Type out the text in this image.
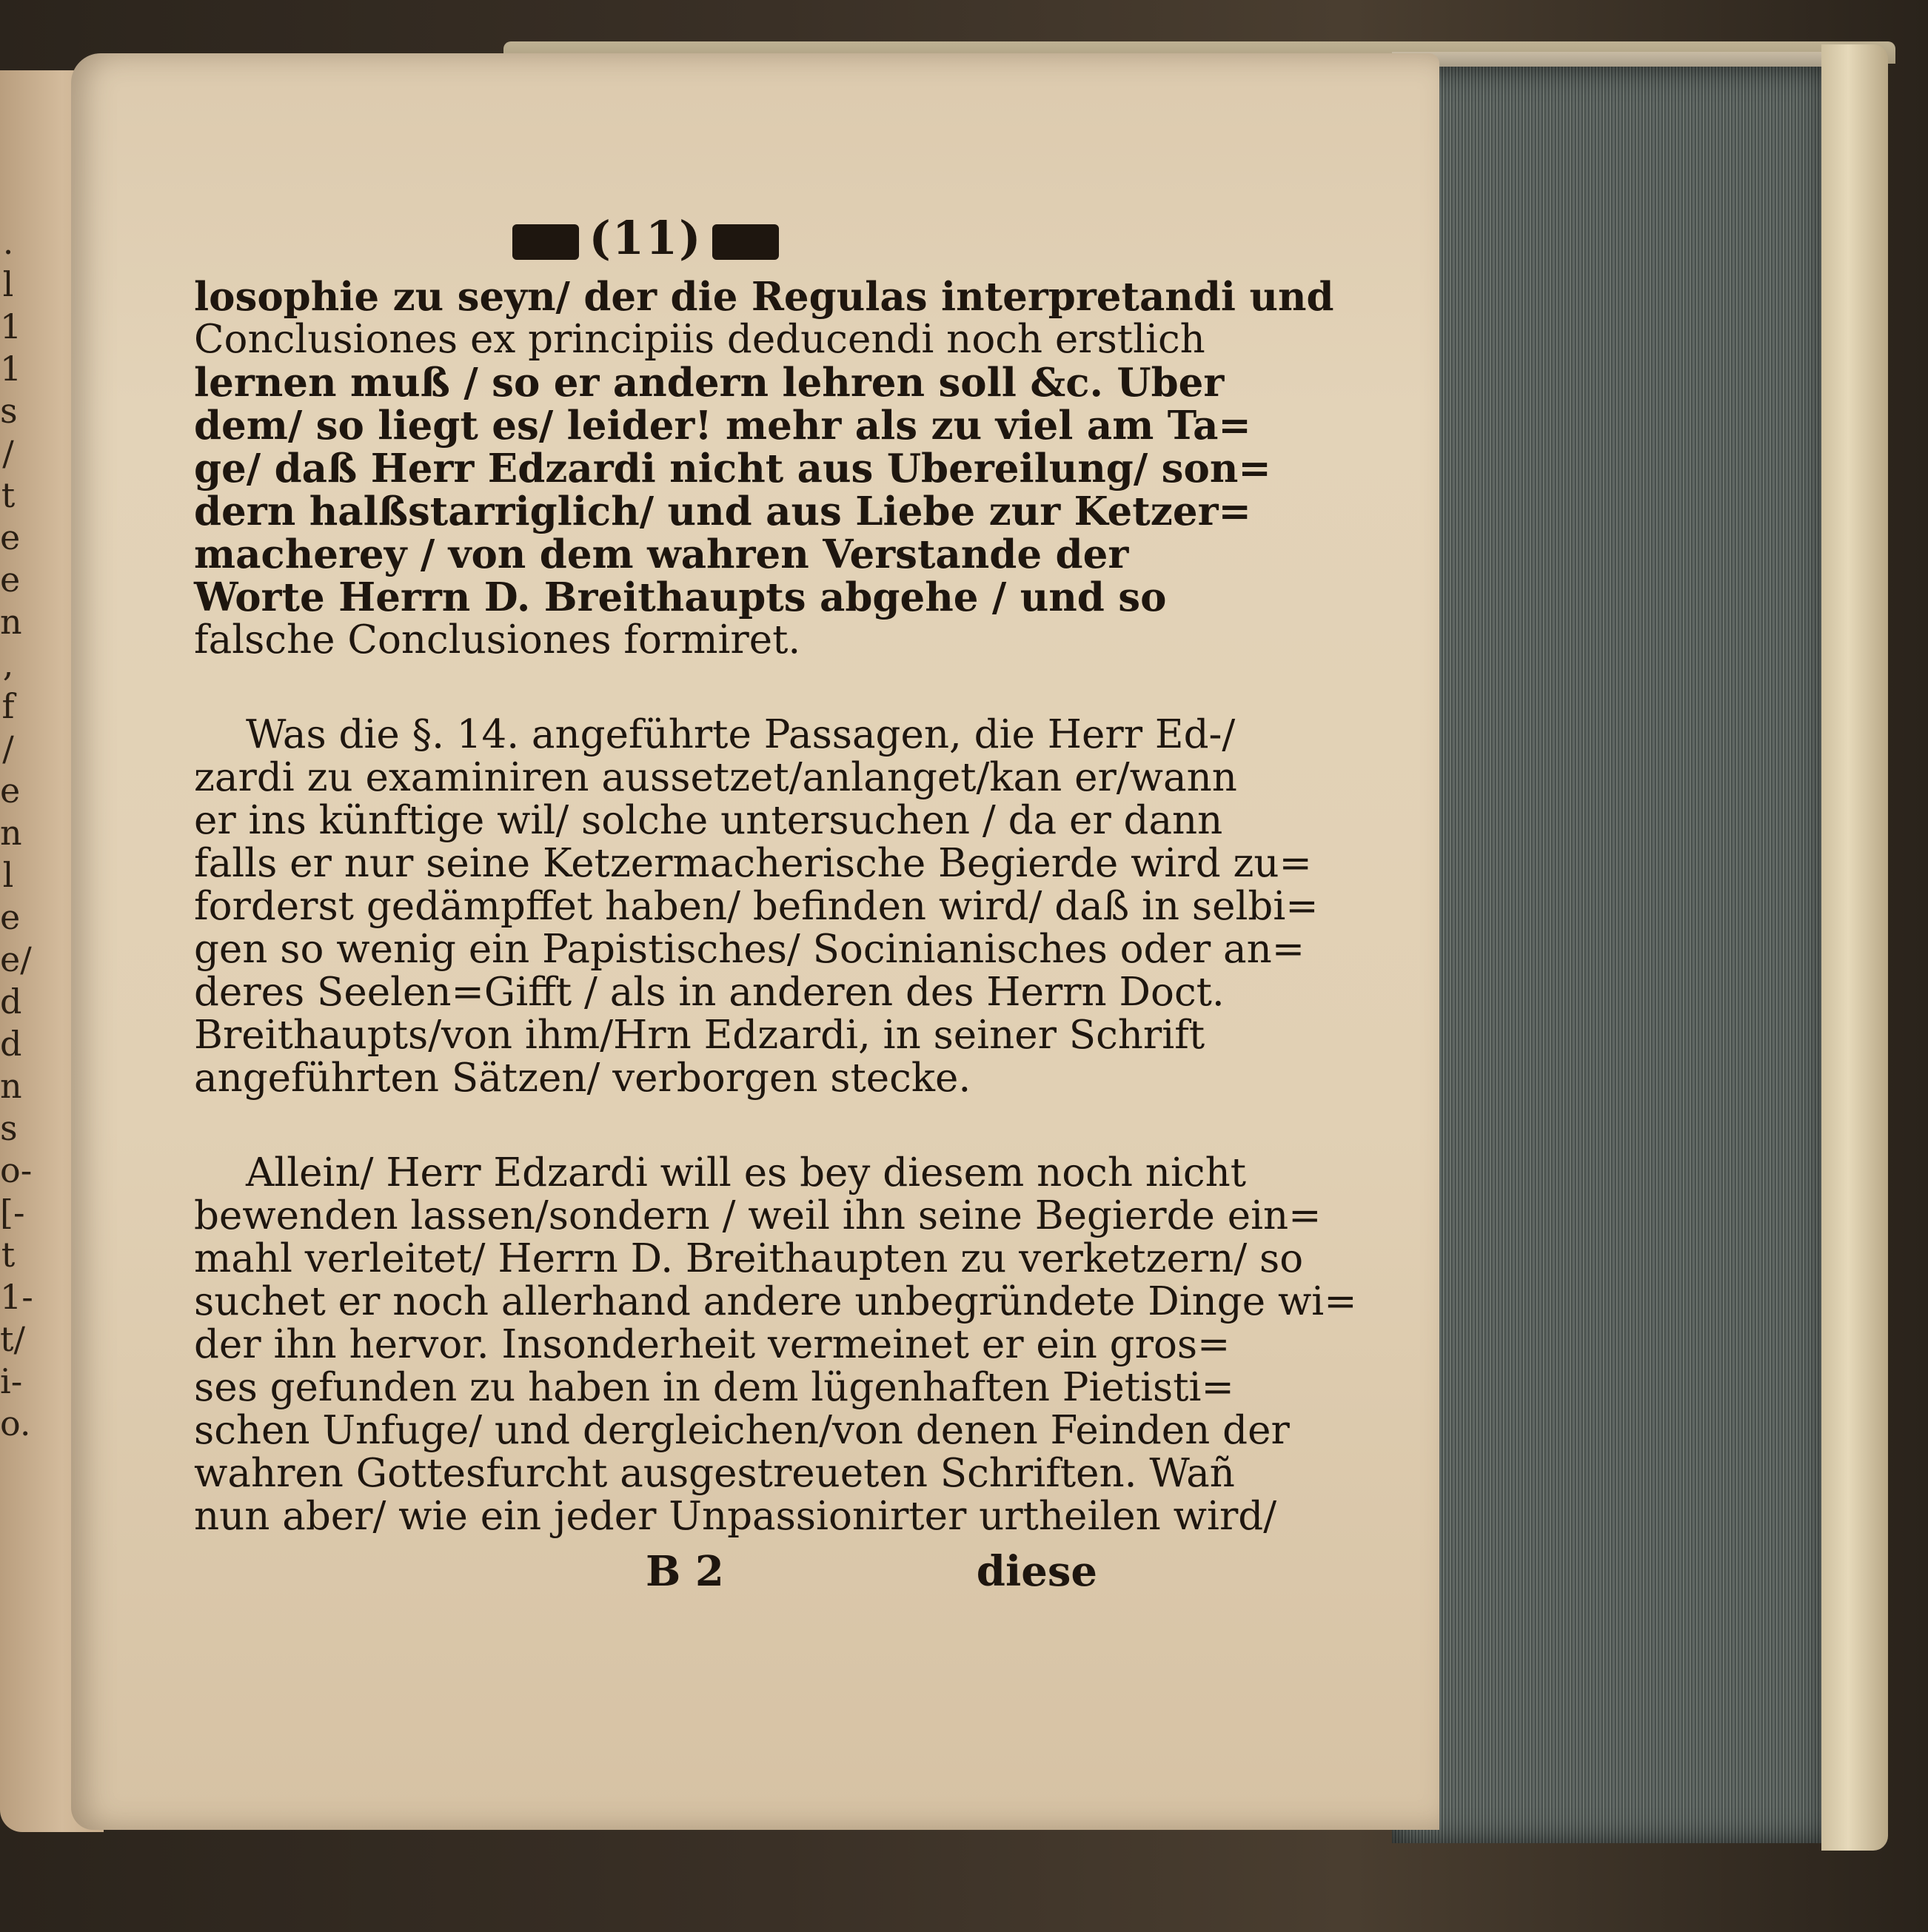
.
l
1
1
s
/
t
e
e
n
,
f
/
e
n
l
e
e/
d
d
n
s
o-
[-
t
1-
t/
i-
o.
(11)
losophie zu seyn/ der die Regulas interpretandi und
Conclusiones ex principiis deducendi noch erstlich
lernen muß / so er andern lehren soll &c. Uber
dem/ so liegt es/ leider! mehr als zu viel am Ta=
ge/ daß Herr Edzardi nicht aus Ubereilung/ son=
dern halßstarriglich/ und aus Liebe zur Ketzer=
macherey / von dem wahren Verstande der
Worte Herrn D. Breithaupts abgehe / und so
falsche Conclusiones formiret.
Was die §. 14. angeführte Passagen, die Herr Ed-/
zardi zu examiniren aussetzet/anlanget/kan er/wann
er ins künftige wil/ solche untersuchen / da er dann
falls er nur seine Ketzermacherische Begierde wird zu=
forderst gedämpffet haben/ befinden wird/ daß in selbi=
gen so wenig ein Papistisches/ Socinianisches oder an=
deres Seelen=Gifft / als in anderen des Herrn Doct.
Breithaupts/von ihm/Hrn Edzardi, in seiner Schrift
angeführten Sätzen/ verborgen stecke.
Allein/ Herr Edzardi will es bey diesem noch nicht
bewenden lassen/sondern / weil ihn seine Begierde ein=
mahl verleitet/ Herrn D. Breithaupten zu verketzern/ so
suchet er noch allerhand andere unbegründete Dinge wi=
der ihn hervor. Insonderheit vermeinet er ein gros=
ses gefunden zu haben in dem lügenhaften Pietisti=
schen Unfuge/ und dergleichen/von denen Feinden der
wahren Gottesfurcht ausgestreueten Schriften. Wañ
nun aber/ wie ein jeder Unpassionirter urtheilen wird/
B 2	diese
